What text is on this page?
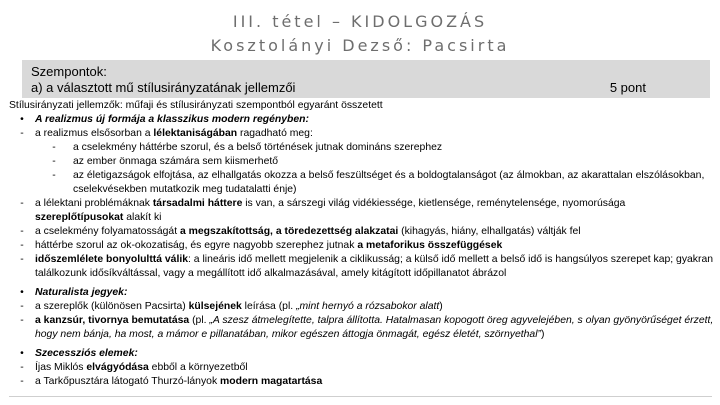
III. tétel – KIDOLGOZÁS
Kosztolányi Dezső: Pacsirta
Szempontok:
a) a választott mű stílusirányzatának jellemzői	5 pont
Stílusirányzati jellemzők: műfaji és stílusirányzati szempontból egyaránt összetett
•	A realizmus új formája a klasszikus modern regényben:
-	a realizmus elsősorban a lélektaniságában ragadható meg:
-	a cselekmény háttérbe szorul, és a belső történések jutnak domináns szerephez
-	az ember önmaga számára sem kiismerhető
-	az életigazságok elfojtása, az elhallgatás okozza a belső feszültséget és a boldogtalanságot (az álmokban, az akarattalan elszólásokban, cselekvésekben mutatkozik meg tudatalatti énje)
-	a lélektani problémáknak társadalmi háttere is van, a sárszegi világ vidékiessége, kietlensége, reménytelensége, nyomorúsága szereplőtípusokat alakít ki
-	a cselekmény folyamatosságát a megszakítottság, a töredezettség alakzatai (kihagyás, hiány, elhallgatás) váltják fel
-	háttérbe szorul az ok-okozatiság, és egyre nagyobb szerephez jutnak a metaforikus összefüggések
-	időszemlélete bonyolulttá válik: a lineáris idő mellett megjelenik a ciklikusság; a külső idő mellett a belső idő is hangsúlyos szerepet kap; gyakran találkozunk idősíkváltással, vagy a megállított idő alkalmazásával, amely kitágított időpillanatot ábrázol
•	Naturalista jegyek:
-	a szereplők (különösen Pacsirta) külsejének leírása (pl. „mint hernyó a rózsabokor alatt)
-	a kanzsúr, tivornya bemutatása (pl. „A szesz átmelegítette, talpra állította. Hatalmasan kopogott öreg agyvelejében, s olyan gyönyörűséget érzett, hogy nem bánja, ha most, a mámor e pillanatában, mikor egészen áttogja önmagát, egész életét, szörnyethal”)
•	Szecessziós elemek:
-	Íjas Miklós elvágyódása ebből a környezetből
-	a Tarkőpusztára látogató Thurzó-lányok modern magatartása
